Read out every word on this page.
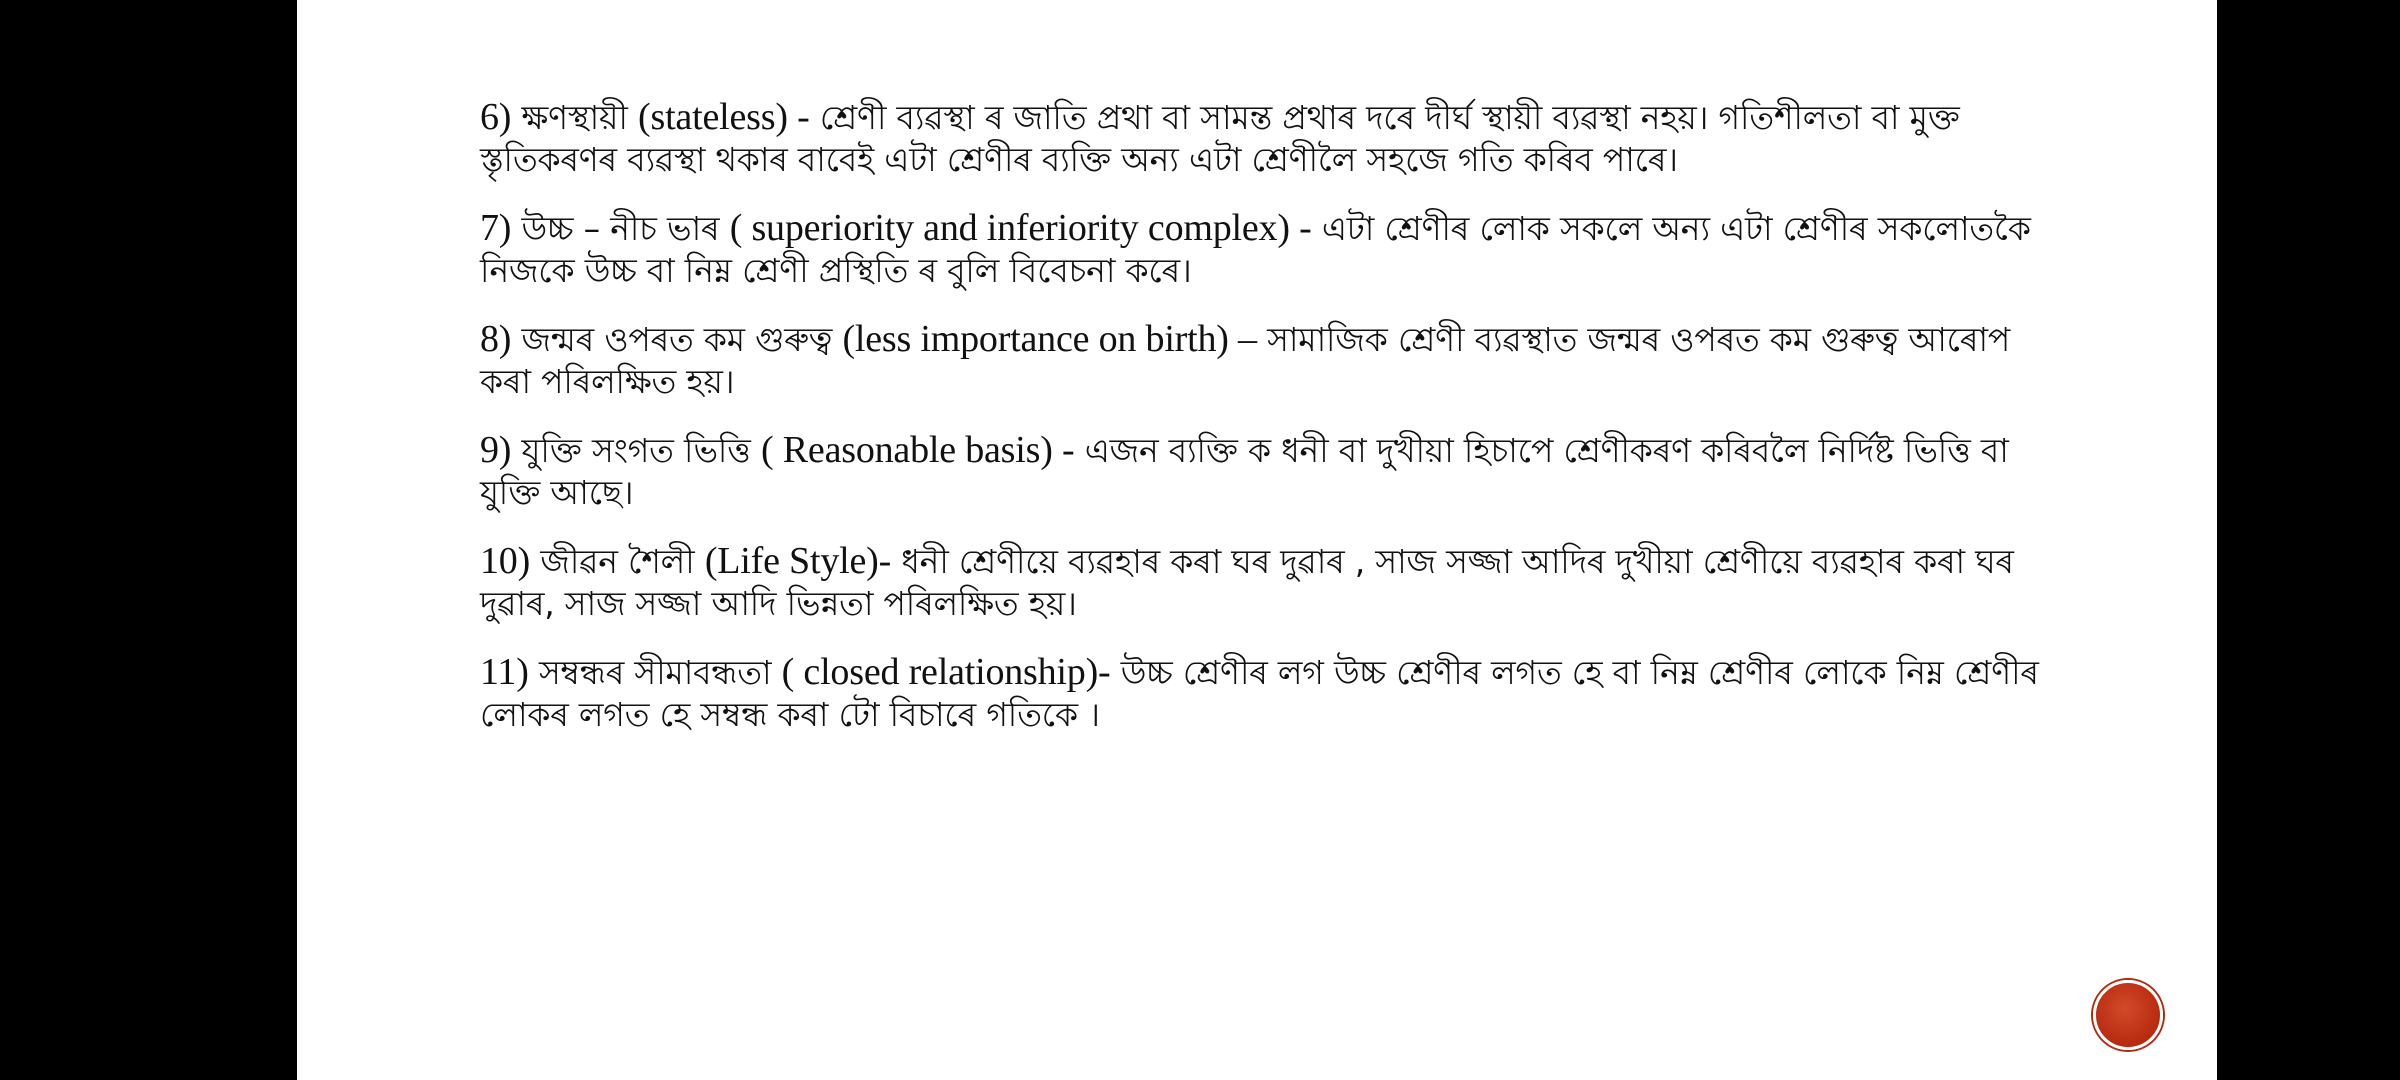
6) ক্ষণস্থায়ী (stateless) - শ্ৰেণী ব্যৱস্থা ৰ জাতি প্ৰথা বা সামন্ত প্ৰথাৰ দৰে দীৰ্ঘ স্থায়ী ব্যৱস্থা নহয়। গতিশীলতা বা মুক্ত স্তৃতিকৰণৰ ব্যৱস্থা থকাৰ বাবেই এটা শ্ৰেণীৰ ব্যক্তি অন্য এটা শ্ৰেণীলৈ সহজে গতি কৰিব পাৰে।

7) উচ্চ – নীচ ভাৰ ( superiority and inferiority complex) - এটা শ্ৰেণীৰ লোক সকলে অন্য এটা শ্ৰেণীৰ সকলোতকৈ নিজকে উচ্চ বা নিম্ন শ্ৰেণী প্ৰস্থিতি ৰ বুলি বিবেচনা কৰে।

8) জন্মৰ ওপৰত কম গুৰুত্ব (less importance on birth) – সামাজিক শ্ৰেণী ব্যৱস্থাত জন্মৰ ওপৰত কম গুৰুত্ব আৰোপ কৰা পৰিলক্ষিত হয়।

9) যুক্তি সংগত ভিত্তি ( Reasonable basis) - এজন ব্যক্তি ক ধনী বা দুখীয়া হিচাপে শ্ৰেণীকৰণ কৰিবলৈ নিৰ্দিষ্ট ভিত্তি বা যুক্তি আছে।

10) জীৱন শৈলী (Life Style)- ধনী শ্ৰেণীয়ে ব্যৱহাৰ কৰা ঘৰ দুৱাৰ , সাজ সজ্জা আদিৰ দুখীয়া শ্ৰেণীয়ে ব্যৱহাৰ কৰা ঘৰ দুৱাৰ, সাজ সজ্জা আদি ভিন্নতা পৰিলক্ষিত হয়।

11) সম্বন্ধৰ সীমাবন্ধতা ( closed relationship)- উচ্চ শ্ৰেণীৰ লগ উচ্চ শ্ৰেণীৰ লগত হে বা নিম্ন শ্ৰেণীৰ লোকে নিম্ন শ্ৰেণীৰ লোকৰ লগত হে সম্বন্ধ কৰা টো বিচাৰে গতিকে ।
